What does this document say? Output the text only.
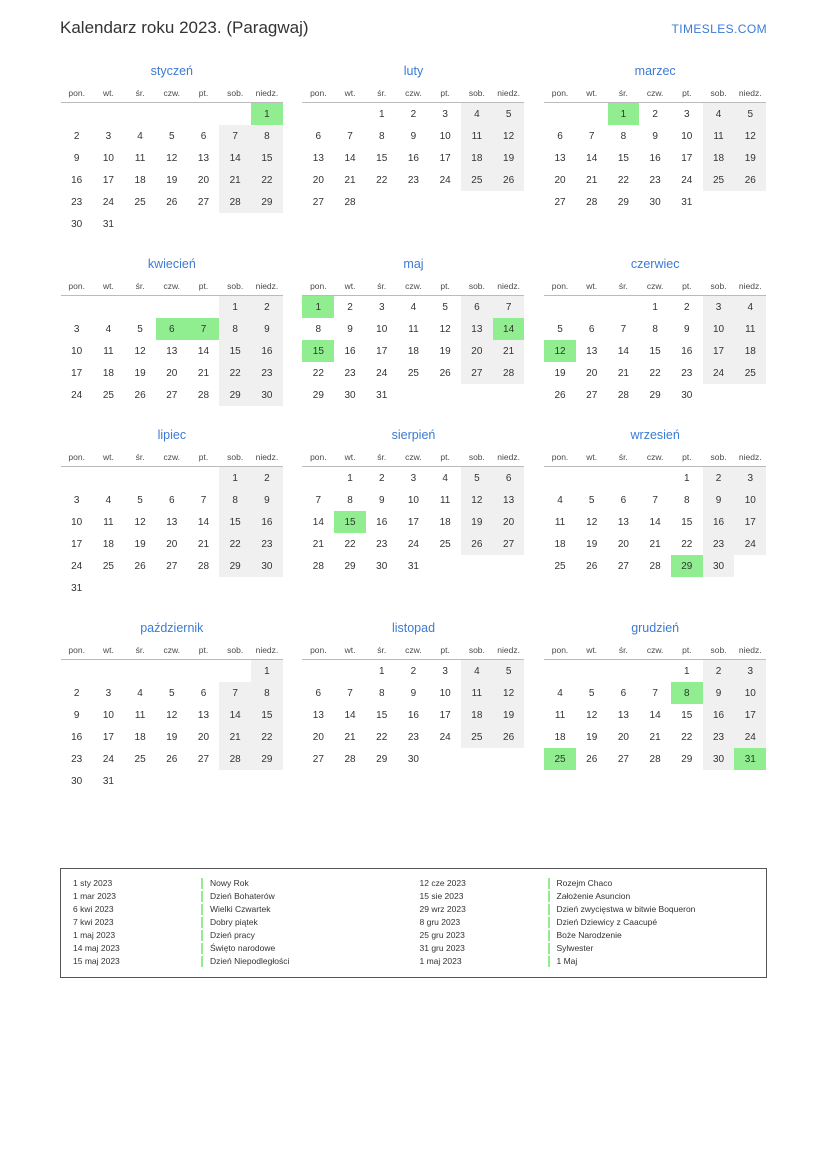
Kalendarz roku 2023. (Paragwaj)	TIMESLES.COM
styczeń
pon.	wt.	śr.	czw.	pt.	sob.	niedz.
						1
2	3	4	5	6	7	8
9	10	11	12	13	14	15
16	17	18	19	20	21	22
23	24	25	26	27	28	29
30	31					
luty
pon.	wt.	śr.	czw.	pt.	sob.	niedz.
		1	2	3	4	5
6	7	8	9	10	11	12
13	14	15	16	17	18	19
20	21	22	23	24	25	26
27	28					
marzec
pon.	wt.	śr.	czw.	pt.	sob.	niedz.
		1	2	3	4	5
6	7	8	9	10	11	12
13	14	15	16	17	18	19
20	21	22	23	24	25	26
27	28	29	30	31		
kwiecień
pon.	wt.	śr.	czw.	pt.	sob.	niedz.
					1	2
3	4	5	6	7	8	9
10	11	12	13	14	15	16
17	18	19	20	21	22	23
24	25	26	27	28	29	30
maj
pon.	wt.	śr.	czw.	pt.	sob.	niedz.
1	2	3	4	5	6	7
8	9	10	11	12	13	14
15	16	17	18	19	20	21
22	23	24	25	26	27	28
29	30	31				
czerwiec
pon.	wt.	śr.	czw.	pt.	sob.	niedz.
			1	2	3	4
5	6	7	8	9	10	11
12	13	14	15	16	17	18
19	20	21	22	23	24	25
26	27	28	29	30		
lipiec
pon.	wt.	śr.	czw.	pt.	sob.	niedz.
					1	2
3	4	5	6	7	8	9
10	11	12	13	14	15	16
17	18	19	20	21	22	23
24	25	26	27	28	29	30
31						
sierpień
pon.	wt.	śr.	czw.	pt.	sob.	niedz.
	1	2	3	4	5	6
7	8	9	10	11	12	13
14	15	16	17	18	19	20
21	22	23	24	25	26	27
28	29	30	31			
wrzesień
pon.	wt.	śr.	czw.	pt.	sob.	niedz.
				1	2	3
4	5	6	7	8	9	10
11	12	13	14	15	16	17
18	19	20	21	22	23	24
25	26	27	28	29	30	
październik
pon.	wt.	śr.	czw.	pt.	sob.	niedz.
						1
2	3	4	5	6	7	8
9	10	11	12	13	14	15
16	17	18	19	20	21	22
23	24	25	26	27	28	29
30	31					
listopad
pon.	wt.	śr.	czw.	pt.	sob.	niedz.
		1	2	3	4	5
6	7	8	9	10	11	12
13	14	15	16	17	18	19
20	21	22	23	24	25	26
27	28	29	30			
grudzień
pon.	wt.	śr.	czw.	pt.	sob.	niedz.
				1	2	3
4	5	6	7	8	9	10
11	12	13	14	15	16	17
18	19	20	21	22	23	24
25	26	27	28	29	30	31
1 sty 2023	Nowy Rok
1 mar 2023	Dzień Bohaterów
6 kwi 2023	Wielki Czwartek
7 kwi 2023	Dobry piątek
1 maj 2023	Dzień pracy
14 maj 2023	Święto narodowe
15 maj 2023	Dzień Niepodległości
12 cze 2023	Rozejm Chaco
15 sie 2023	Założenie Asuncion
29 wrz 2023	Dzień zwycięstwa w bitwie Boqueron
8 gru 2023	Dzień Dziewicy z Caacupé
25 gru 2023	Boże Narodzenie
31 gru 2023	Sylwester
1 maj 2023	1 Maj
